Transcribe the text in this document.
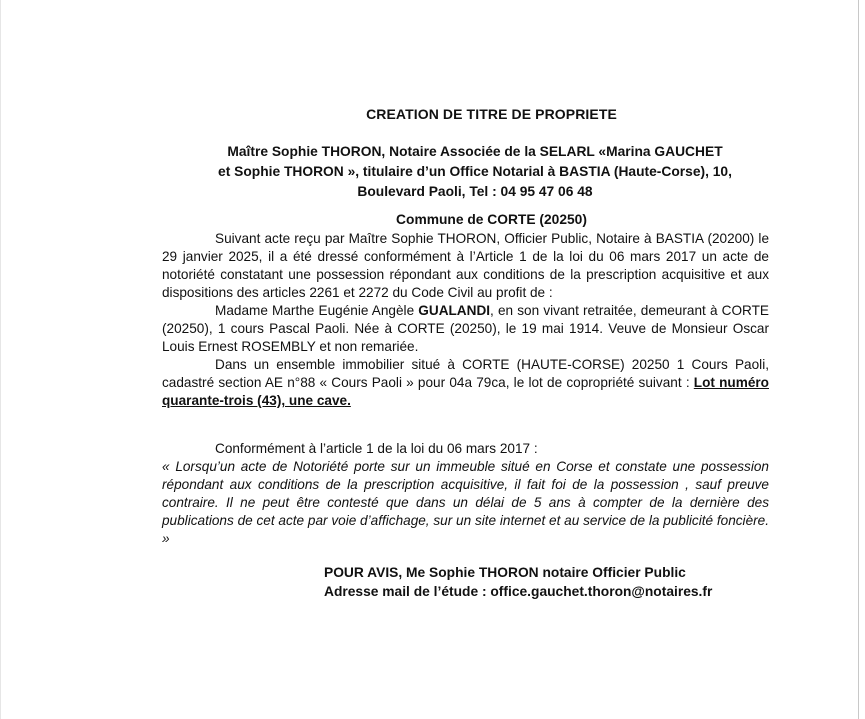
CREATION DE TITRE DE PROPRIETE
Maître Sophie THORON, Notaire Associée de la SELARL «Marina GAUCHET
et Sophie THORON », titulaire d’un Office Notarial à BASTIA (Haute-Corse), 10,
Boulevard Paoli, Tel : 04 95 47 06 48
Commune de CORTE (20250)

Suivant acte reçu par Maître Sophie THORON, Officier Public, Notaire à BASTIA (20200) le 29 janvier 2025, il a été dressé conformément à l’Article 1 de la loi du 06 mars 2017 un acte de notoriété constatant une possession répondant aux conditions de la prescription acquisitive et aux dispositions des articles 2261 et 2272 du Code Civil au profit de :

Madame Marthe Eugénie Angèle GUALANDI, en son vivant retraitée, demeurant à CORTE (20250), 1 cours Pascal Paoli. Née à CORTE (20250), le 19 mai 1914. Veuve de Monsieur Oscar Louis Ernest ROSEMBLY et non remariée.

Dans un ensemble immobilier situé à CORTE (HAUTE-CORSE) 20250 1 Cours Paoli, cadastré section AE n°88 « Cours Paoli » pour 04a 79ca, le lot de copropriété suivant : Lot numéro quarante-trois (43), une cave.

Conformément à l’article 1 de la loi du 06 mars 2017 :
« Lorsqu’un acte de Notoriété porte sur un immeuble situé en Corse et constate une possession répondant aux conditions de la prescription acquisitive, il fait foi de la possession , sauf preuve contraire. Il ne peut être contesté que dans un délai de 5 ans à compter de la dernière des publications de cet acte par voie d’affichage, sur un site internet et au service de la publicité foncière. »
POUR AVIS, Me Sophie THORON notaire Officier Public
Adresse mail de l’étude : office.gauchet.thoron@notaires.fr
